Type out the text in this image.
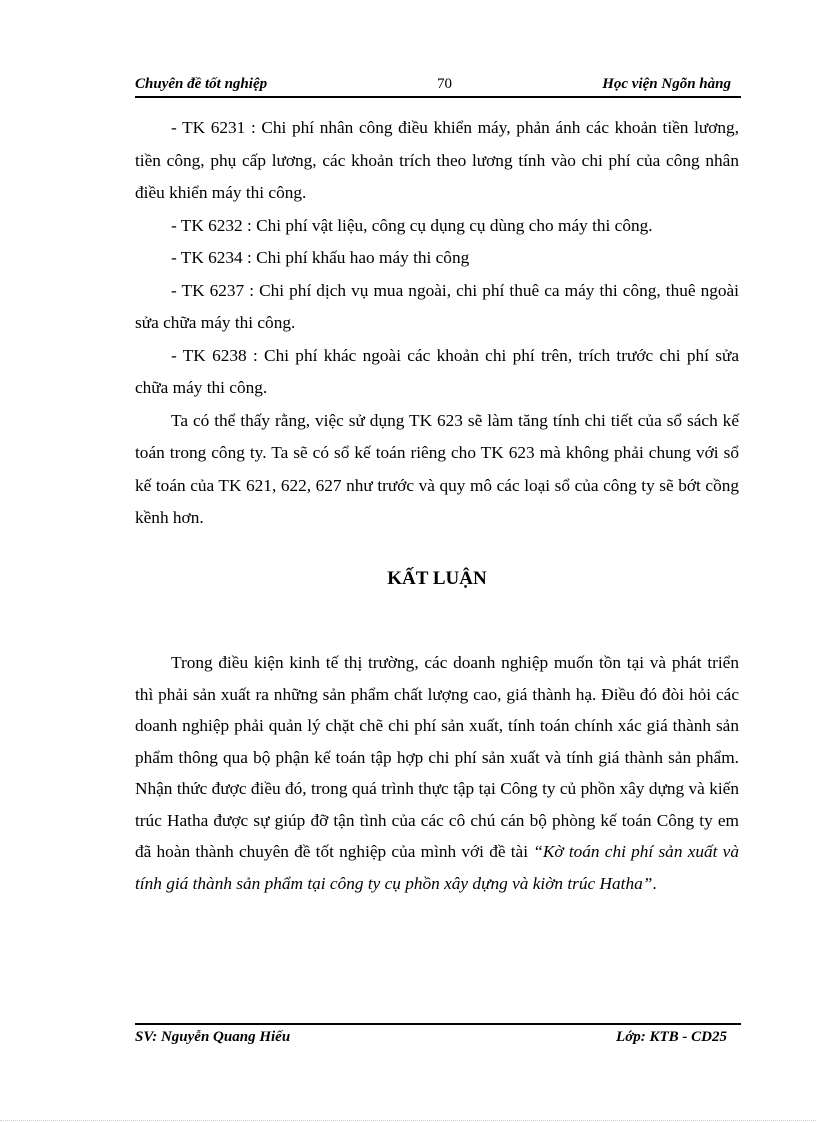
Chuyên đề tốt nghiệp	70	Học viện Ngõn hàng

- TK 6231 : Chi phí nhân công điều khiển máy, phản ánh các khoản tiền lương, tiền công, phụ cấp lương, các khoản trích theo lương tính vào chi phí của công nhân điều khiển máy thi công.

- TK 6232 : Chi phí vật liệu, công cụ dụng cụ dùng cho máy thi công.

- TK 6234 : Chi phí khấu hao máy thi công

- TK 6237 : Chi phí dịch vụ mua ngoài, chi phí thuê ca máy thi công, thuê ngoài sửa chữa máy thi công.

- TK 6238 : Chi phí khác ngoài các khoản chi phí trên, trích trước chi phí sửa chữa máy thi công.

Ta có thể thấy rằng, việc sử dụng TK 623 sẽ làm tăng tính chi tiết của sổ sách kế toán trong công ty. Ta sẽ có sổ kế toán riêng cho TK 623 mà không phải chung với sổ kế toán của TK 621, 622, 627 như trước và quy mô các loại sổ của công ty sẽ bớt cồng kềnh hơn.

KẤT LUẬN

Trong điều kiện kinh tế thị trường, các doanh nghiệp muốn tồn tại và phát triển thì phải sản xuất ra những sản phẩm chất lượng cao, giá thành hạ. Điều đó đòi hỏi các doanh nghiệp phải quản lý chặt chẽ chi phí sản xuất, tính toán chính xác giá thành sản phẩm thông qua bộ phận kế toán tập hợp chi phí sản xuất và tính giá thành sản phẩm. Nhận thức được điều đó, trong quá trình thực tập tại Công ty củ phồn xây dựng và kiến trúc Hatha được sự giúp đỡ tận tình của các cô chú cán bộ phòng kế toán Công ty em đã hoàn thành chuyên đề tốt nghiệp của mình với đề tài “Kờ toán chi phí sản xuất và tính giá thành sản phẩm tại công ty cụ phồn xây dựng và kiờn trúc Hatha”.

SV: Nguyễn Quang Hiếu	Lớp: KTB - CD25
